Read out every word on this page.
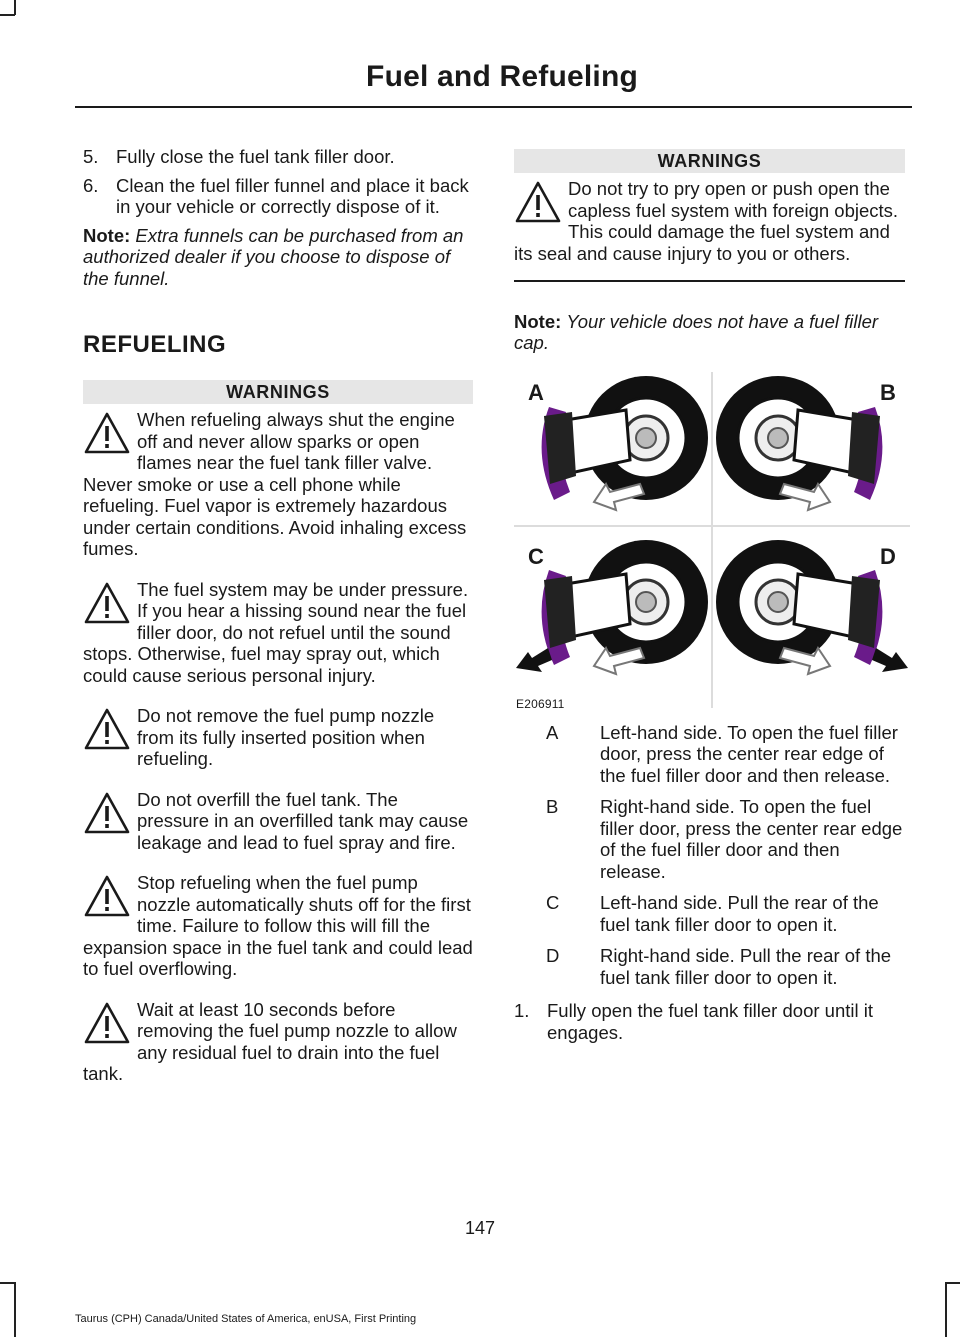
Fuel and Refueling
5. Fully close the fuel tank filler door.
6. Clean the fuel filler funnel and place it back in your vehicle or correctly dispose of it.

Note: Extra funnels can be purchased from an authorized dealer if you choose to dispose of the funnel.

REFUELING

WARNINGS

When refueling always shut the engine off and never allow sparks or open flames near the fuel tank filler valve. Never smoke or use a cell phone while refueling. Fuel vapor is extremely hazardous under certain conditions. Avoid inhaling excess fumes.
The fuel system may be under pressure. If you hear a hissing sound near the fuel filler door, do not refuel until the sound stops. Otherwise, fuel may spray out, which could cause serious personal injury.
Do not remove the fuel pump nozzle from its fully inserted position when refueling.
Do not overfill the fuel tank. The pressure in an overfilled tank may cause leakage and lead to fuel spray and fire.
Stop refueling when the fuel pump nozzle automatically shuts off for the first time. Failure to follow this will fill the expansion space in the fuel tank and could lead to fuel overflowing.
Wait at least 10 seconds before removing the fuel pump nozzle to allow any residual fuel to drain into the fuel tank.

WARNINGS

Do not try to pry open or push open the capless fuel system with foreign objects. This could damage the fuel system and its seal and cause injury to you or others.

Note: Your vehicle does not have a fuel filler cap.

A	B
C	D
E206911
A	Left-hand side. To open the fuel filler door, press the center rear edge of the fuel filler door and then release.
B	Right-hand side. To open the fuel filler door, press the center rear edge of the fuel filler door and then release.
C	Left-hand side. Pull the rear of the fuel tank filler door to open it.
D	Right-hand side. Pull the rear of the fuel tank filler door to open it.
1. Fully open the fuel tank filler door until it engages.
147
Taurus (CPH) Canada/United States of America, enUSA, First Printing
